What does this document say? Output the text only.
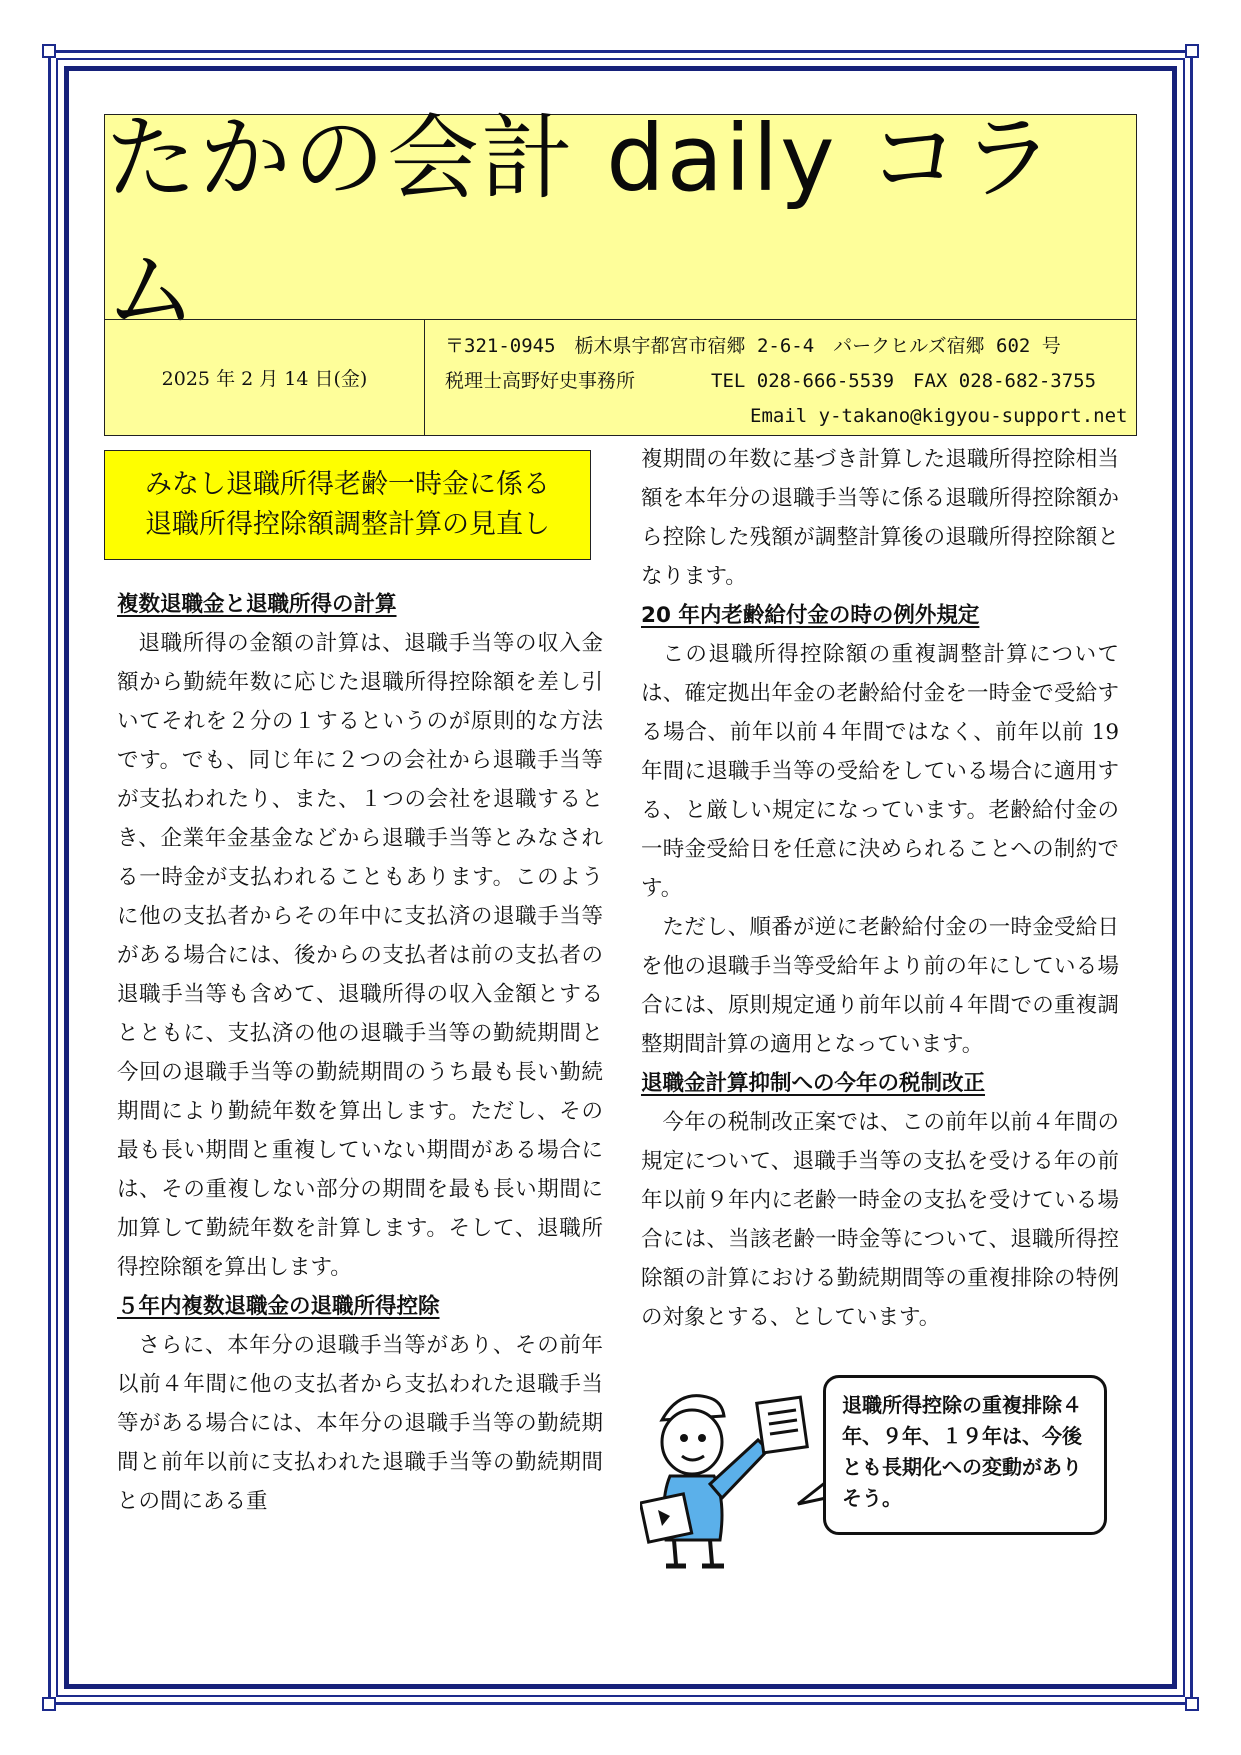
たかの会計 daily コラム
2025 年 2 月 14 日(金)
〒321-0945　栃木県宇都宮市宿郷 2-6-4　パークヒルズ宿郷 602 号
税理士高野好史事務所　　　　TEL 028-666-5539　FAX 028-682-3755
Email y-takano@kigyou-support.net
みなし退職所得老齢一時金に係る
退職所得控除額調整計算の見直し
複数退職金と退職所得の計算

退職所得の金額の計算は、退職手当等の収入金額から勤続年数に応じた退職所得控除額を差し引いてそれを２分の１するというのが原則的な方法です。でも、同じ年に２つの会社から退職手当等が支払われたり、また、１つの会社を退職するとき、企業年金基金などから退職手当等とみなされる一時金が支払われることもあります。このように他の支払者からその年中に支払済の退職手当等がある場合には、後からの支払者は前の支払者の退職手当等も含めて、退職所得の収入金額とするとともに、支払済の他の退職手当等の勤続期間と今回の退職手当等の勤続期間のうち最も長い勤続期間により勤続年数を算出します。ただし、その最も長い期間と重複していない期間がある場合には、その重複しない部分の期間を最も長い期間に加算して勤続年数を計算します。そして、退職所得控除額を算出します。

５年内複数退職金の退職所得控除

さらに、本年分の退職手当等があり、その前年以前４年間に他の支払者から支払われた退職手当等がある場合には、本年分の退職手当等の勤続期間と前年以前に支払われた退職手当等の勤続期間との間にある重

複期間の年数に基づき計算した退職所得控除相当額を本年分の退職手当等に係る退職所得控除額から控除した残額が調整計算後の退職所得控除額となります。

20 年内老齢給付金の時の例外規定

この退職所得控除額の重複調整計算については、確定拠出年金の老齢給付金を一時金で受給する場合、前年以前４年間ではなく、前年以前 19 年間に退職手当等の受給をしている場合に適用する、と厳しい規定になっています。老齢給付金の一時金受給日を任意に決められることへの制約です。

ただし、順番が逆に老齢給付金の一時金受給日を他の退職手当等受給年より前の年にしている場合には、原則規定通り前年以前４年間での重複調整期間計算の適用となっています。

退職金計算抑制への今年の税制改正

今年の税制改正案では、この前年以前４年間の規定について、退職手当等の支払を受ける年の前年以前９年内に老齢一時金の支払を受けている場合には、当該老齢一時金等について、退職所得控除額の計算における勤続期間等の重複排除の特例の対象とする、としています。

退職所得控除の重複排除４年、９年、１９年は、今後とも長期化への変動がありそう。
